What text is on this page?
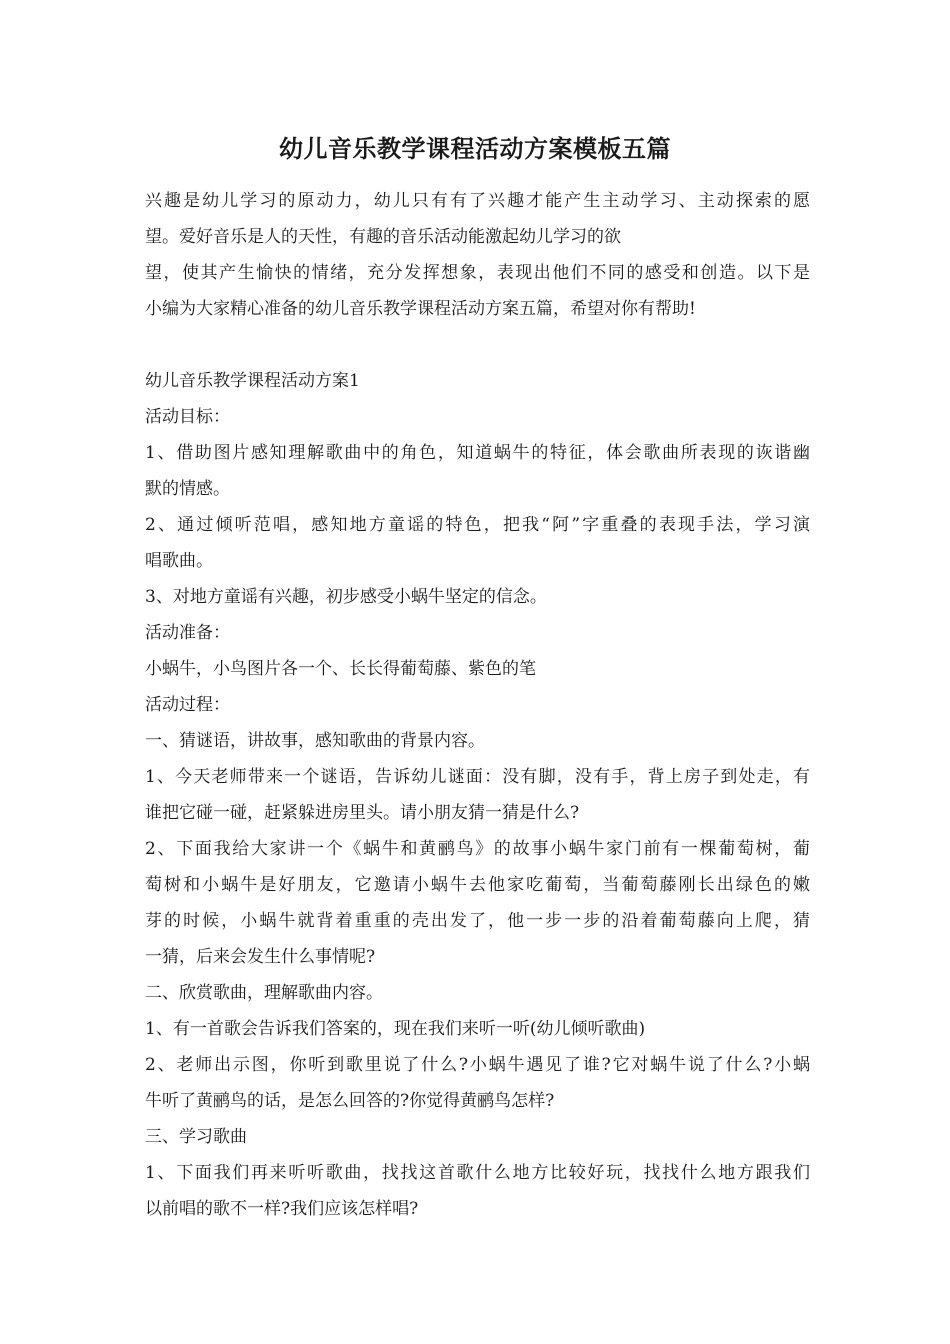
幼儿音乐教学课程活动方案模板五篇
兴趣是幼儿学习的原动力，幼儿只有有了兴趣才能产生主动学习、主动探索的愿
望。爱好音乐是人的天性，有趣的音乐活动能激起幼儿学习的欲
望，使其产生愉快的情绪，充分发挥想象，表现出他们不同的感受和创造。以下是
小编为大家精心准备的幼儿音乐教学课程活动方案五篇，希望对你有帮助!
幼儿音乐教学课程活动方案1
活动目标：
1、借助图片感知理解歌曲中的角色，知道蜗牛的特征，体会歌曲所表现的诙谐幽
默的情感。
2、通过倾听范唱，感知地方童谣的特色，把我“阿”字重叠的表现手法，学习演
唱歌曲。
3、对地方童谣有兴趣，初步感受小蜗牛坚定的信念。
活动准备：
小蜗牛，小鸟图片各一个、长长得葡萄藤、紫色的笔
活动过程：
一、猜谜语，讲故事，感知歌曲的背景内容。
1、今天老师带来一个谜语，告诉幼儿谜面：没有脚，没有手，背上房子到处走，有
谁把它碰一碰，赶紧躲进房里头。请小朋友猜一猜是什么?
2、下面我给大家讲一个《蜗牛和黄鹂鸟》的故事小蜗牛家门前有一棵葡萄树，葡
萄树和小蜗牛是好朋友，它邀请小蜗牛去他家吃葡萄，当葡萄藤刚长出绿色的嫩
芽的时候，小蜗牛就背着重重的壳出发了，他一步一步的沿着葡萄藤向上爬，猜
一猜，后来会发生什么事情呢?
二、欣赏歌曲，理解歌曲内容。
1、有一首歌会告诉我们答案的，现在我们来听一听(幼儿倾听歌曲)
2、老师出示图，你听到歌里说了什么?小蜗牛遇见了谁?它对蜗牛说了什么?小蜗
牛听了黄鹂鸟的话，是怎么回答的?你觉得黄鹂鸟怎样?
三、学习歌曲
1、下面我们再来听听歌曲，找找这首歌什么地方比较好玩，找找什么地方跟我们
以前唱的歌不一样?我们应该怎样唱?
